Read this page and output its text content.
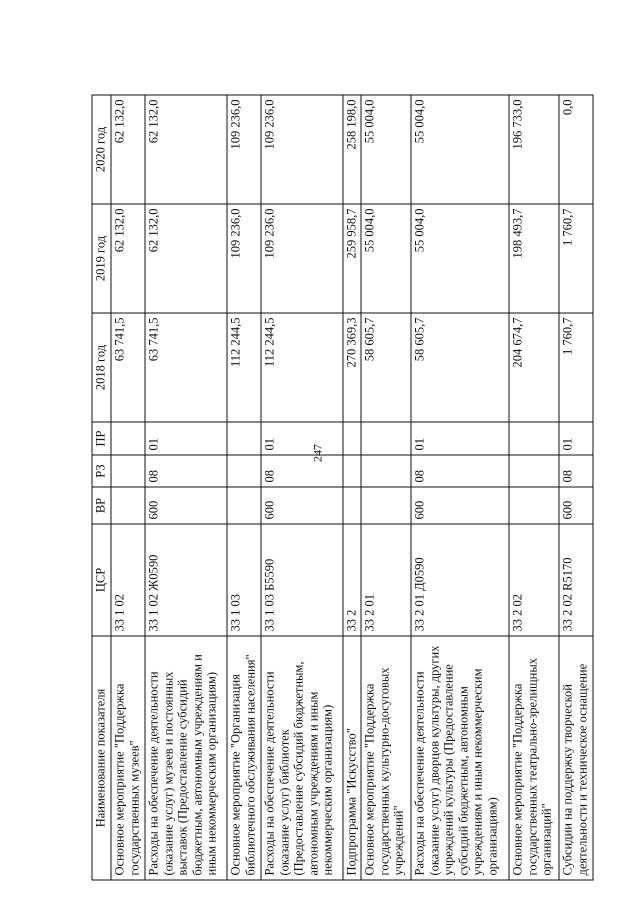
247
Наименование показателя	ЦСР	ВР	РЗ	ПР	2018 год	2019 год	2020 год
Основное мероприятие "Поддержка государственных музеев"	33 1 02				63 741,5	62 132,0	62 132,0
Расходы на обеспечение деятельности (оказание услуг) музеев и постоянных выставок (Предоставление субсидий бюджетным, автономным учреждениям и иным некоммерческим организациям)	33 1 02 Ж0590	600	08	01	63 741,5	62 132,0	62 132,0
Основное мероприятие "Организация библиотечного обслуживания населения"	33 1 03				112 244,5	109 236,0	109 236,0
Расходы на обеспечение деятельности (оказание услуг) библиотек (Предоставление субсидий бюджетным, автономным учреждениям и иным некоммерческим организациям)	33 1 03 Б5590	600	08	01	112 244,5	109 236,0	109 236,0
Подпрограмма "Искусство"	33 2				270 369,3	259 958,7	258 198,0
Основное мероприятие "Поддержка государственных культурно-досуговых учреждений"	33 2 01				58 605,7	55 004,0	55 004,0
Расходы на обеспечение деятельности (оказание услуг) дворцов культуры, других учреждений культуры (Предоставление субсидий бюджетным, автономным учреждениям и иным некоммерческим организациям)	33 2 01 Д0590	600	08	01	58 605,7	55 004,0	55 004,0
Основное мероприятие "Поддержка государственных театрально-зрелищных организаций"	33 2 02				204 674,7	198 493,7	196 733,0
Субсидии на поддержку творческой деятельности и техническое оснащение	33 2 02 R5170	600	08	01	1 760,7	1 760,7	0,0
